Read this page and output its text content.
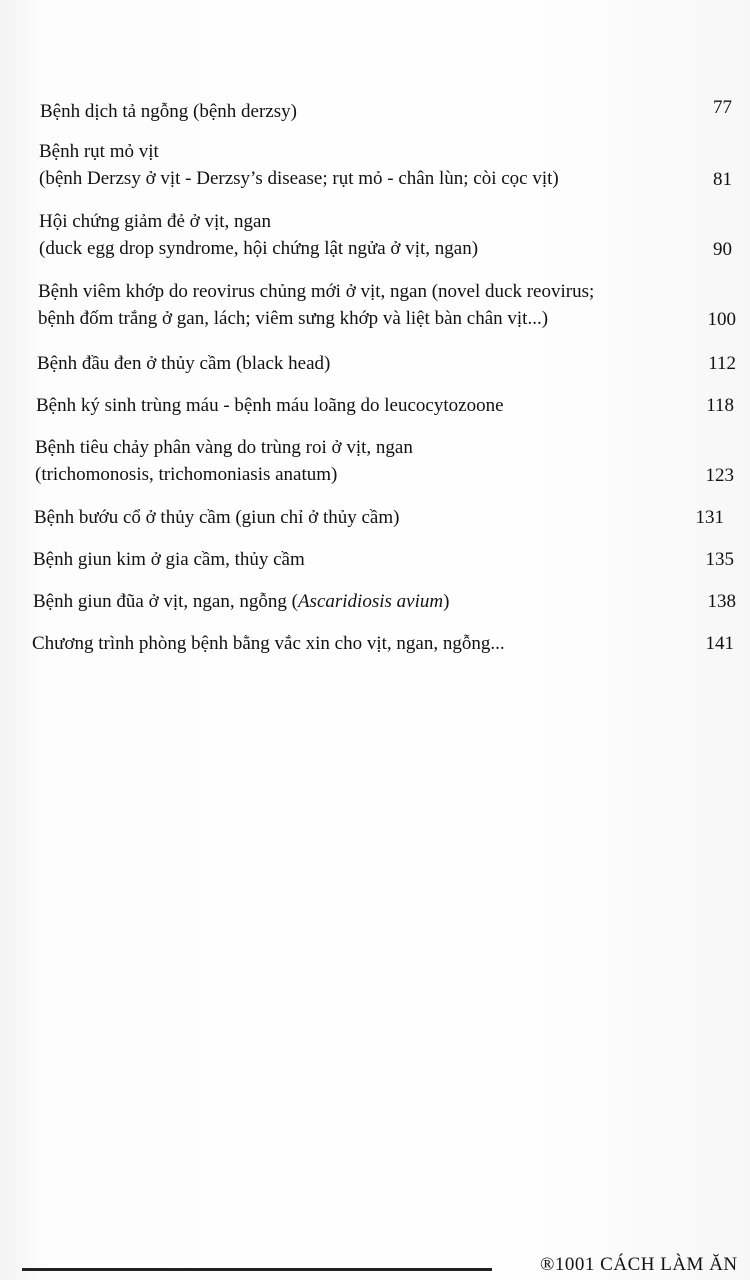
Bệnh dịch tả ngỗng (bệnh derzsy)	77
Bệnh rụt mỏ vịt
(bệnh Derzsy ở vịt - Derzsy’s disease; rụt mỏ - chân lùn; còi cọc vịt)	81
Hội chứng giảm đẻ ở vịt, ngan
(duck egg drop syndrome, hội chứng lật ngửa ở vịt, ngan)	90
Bệnh viêm khớp do reovirus chủng mới ở vịt, ngan (novel duck reovirus;
bệnh đốm trắng ở gan, lách; viêm sưng khớp và liệt bàn chân vịt...)	100
Bệnh đầu đen ở thủy cầm (black head)	112
Bệnh ký sinh trùng máu - bệnh máu loãng do leucocytozoone	118
Bệnh tiêu chảy phân vàng do trùng roi ở vịt, ngan
(trichomonosis, trichomoniasis anatum)	123
Bệnh bướu cổ ở thủy cầm (giun chỉ ở thủy cầm)	131
Bệnh giun kim ở gia cầm, thủy cầm	135
Bệnh giun đũa ở vịt, ngan, ngỗng (Ascaridiosis avium)	138
Chương trình phòng bệnh bằng vắc xin cho vịt, ngan, ngỗng...	141
®1001 CÁCH LÀM ĂN
